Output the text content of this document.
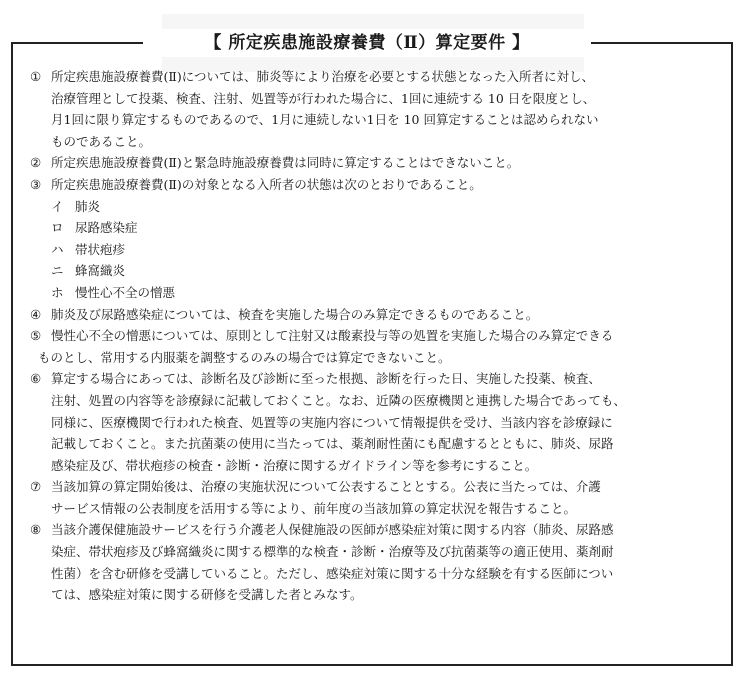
【 所定疾患施設療養費（Ⅱ）算定要件 】
① 所定疾患施設療養費(Ⅱ)については、肺炎等により治療を必要とする状態となった入所者に対し、
治療管理として投薬、検査、注射、処置等が行われた場合に、1回に連続する 10 日を限度とし、
月1回に限り算定するものであるので、1月に連続しない1日を 10 回算定することは認められない
ものであること。
② 所定疾患施設療養費(Ⅱ)と緊急時施設療養費は同時に算定することはできないこと。
③ 所定疾患施設療養費(Ⅱ)の対象となる入所者の状態は次のとおりであること。
イ 肺炎
ロ 尿路感染症
ハ 帯状疱疹
ニ 蜂窩織炎
ホ 慢性心不全の憎悪
④ 肺炎及び尿路感染症については、検査を実施した場合のみ算定できるものであること。
⑤ 慢性心不全の憎悪については、原則として注射又は酸素投与等の処置を実施した場合のみ算定できる
ものとし、常用する内服薬を調整するのみの場合では算定できないこと。
⑥ 算定する場合にあっては、診断名及び診断に至った根拠、診断を行った日、実施した投薬、検査、
注射、処置の内容等を診療録に記載しておくこと。なお、近隣の医療機関と連携した場合であっても、
同様に、医療機関で行われた検査、処置等の実施内容について情報提供を受け、当該内容を診療録に
記載しておくこと。また抗菌薬の使用に当たっては、薬剤耐性菌にも配慮するとともに、肺炎、尿路
感染症及び、帯状疱疹の検査・診断・治療に関するガイドライン等を参考にすること。
⑦ 当該加算の算定開始後は、治療の実施状況について公表することとする。公表に当たっては、介護
サービス情報の公表制度を活用する等により、前年度の当該加算の算定状況を報告すること。
⑧ 当該介護保健施設サービスを行う介護老人保健施設の医師が感染症対策に関する内容（肺炎、尿路感
染症、帯状疱疹及び蜂窩織炎に関する標準的な検査・診断・治療等及び抗菌薬等の適正使用、薬剤耐
性菌）を含む研修を受講していること。ただし、感染症対策に関する十分な経験を有する医師につい
ては、感染症対策に関する研修を受講した者とみなす。
